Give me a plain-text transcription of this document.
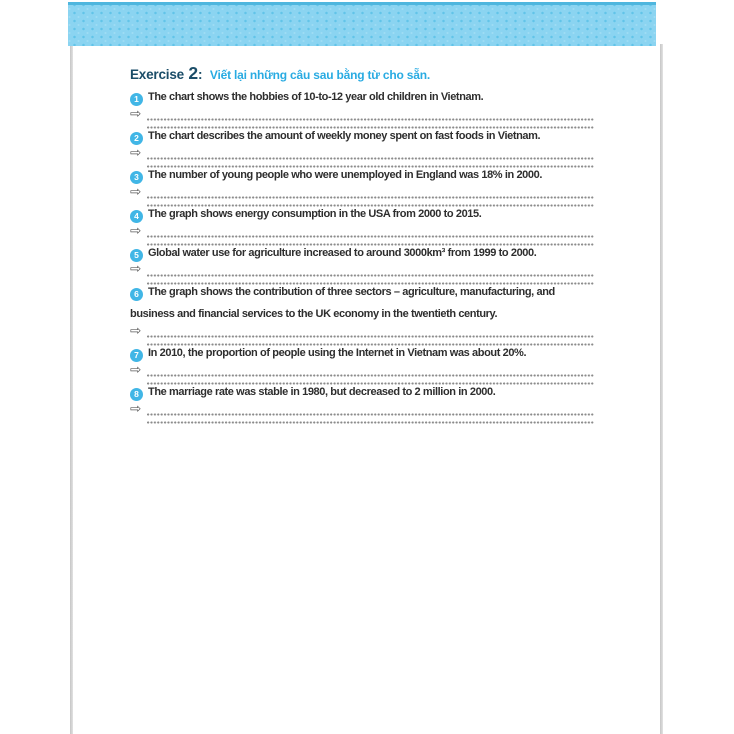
Exercise 2: Viết lại những câu sau bằng từ cho sẵn.
1 The chart shows the hobbies of 10-to-12 year old children in Vietnam.
⇨
2 The chart describes the amount of weekly money spent on fast foods in Vietnam.
⇨
3 The number of young people who were unemployed in England was 18% in 2000.
⇨
4 The graph shows energy consumption in the USA from 2000 to 2015.
⇨
5 Global water use for agriculture increased to around 3000km³ from 1999 to 2000.
⇨
6 The graph shows the contribution of three sectors – agriculture, manufacturing, and business and financial services to the UK economy in the twentieth century.
⇨
7 In 2010, the proportion of people using the Internet in Vietnam was about 20%.
⇨
8 The marriage rate was stable in 1980, but decreased to 2 million in 2000.
⇨
